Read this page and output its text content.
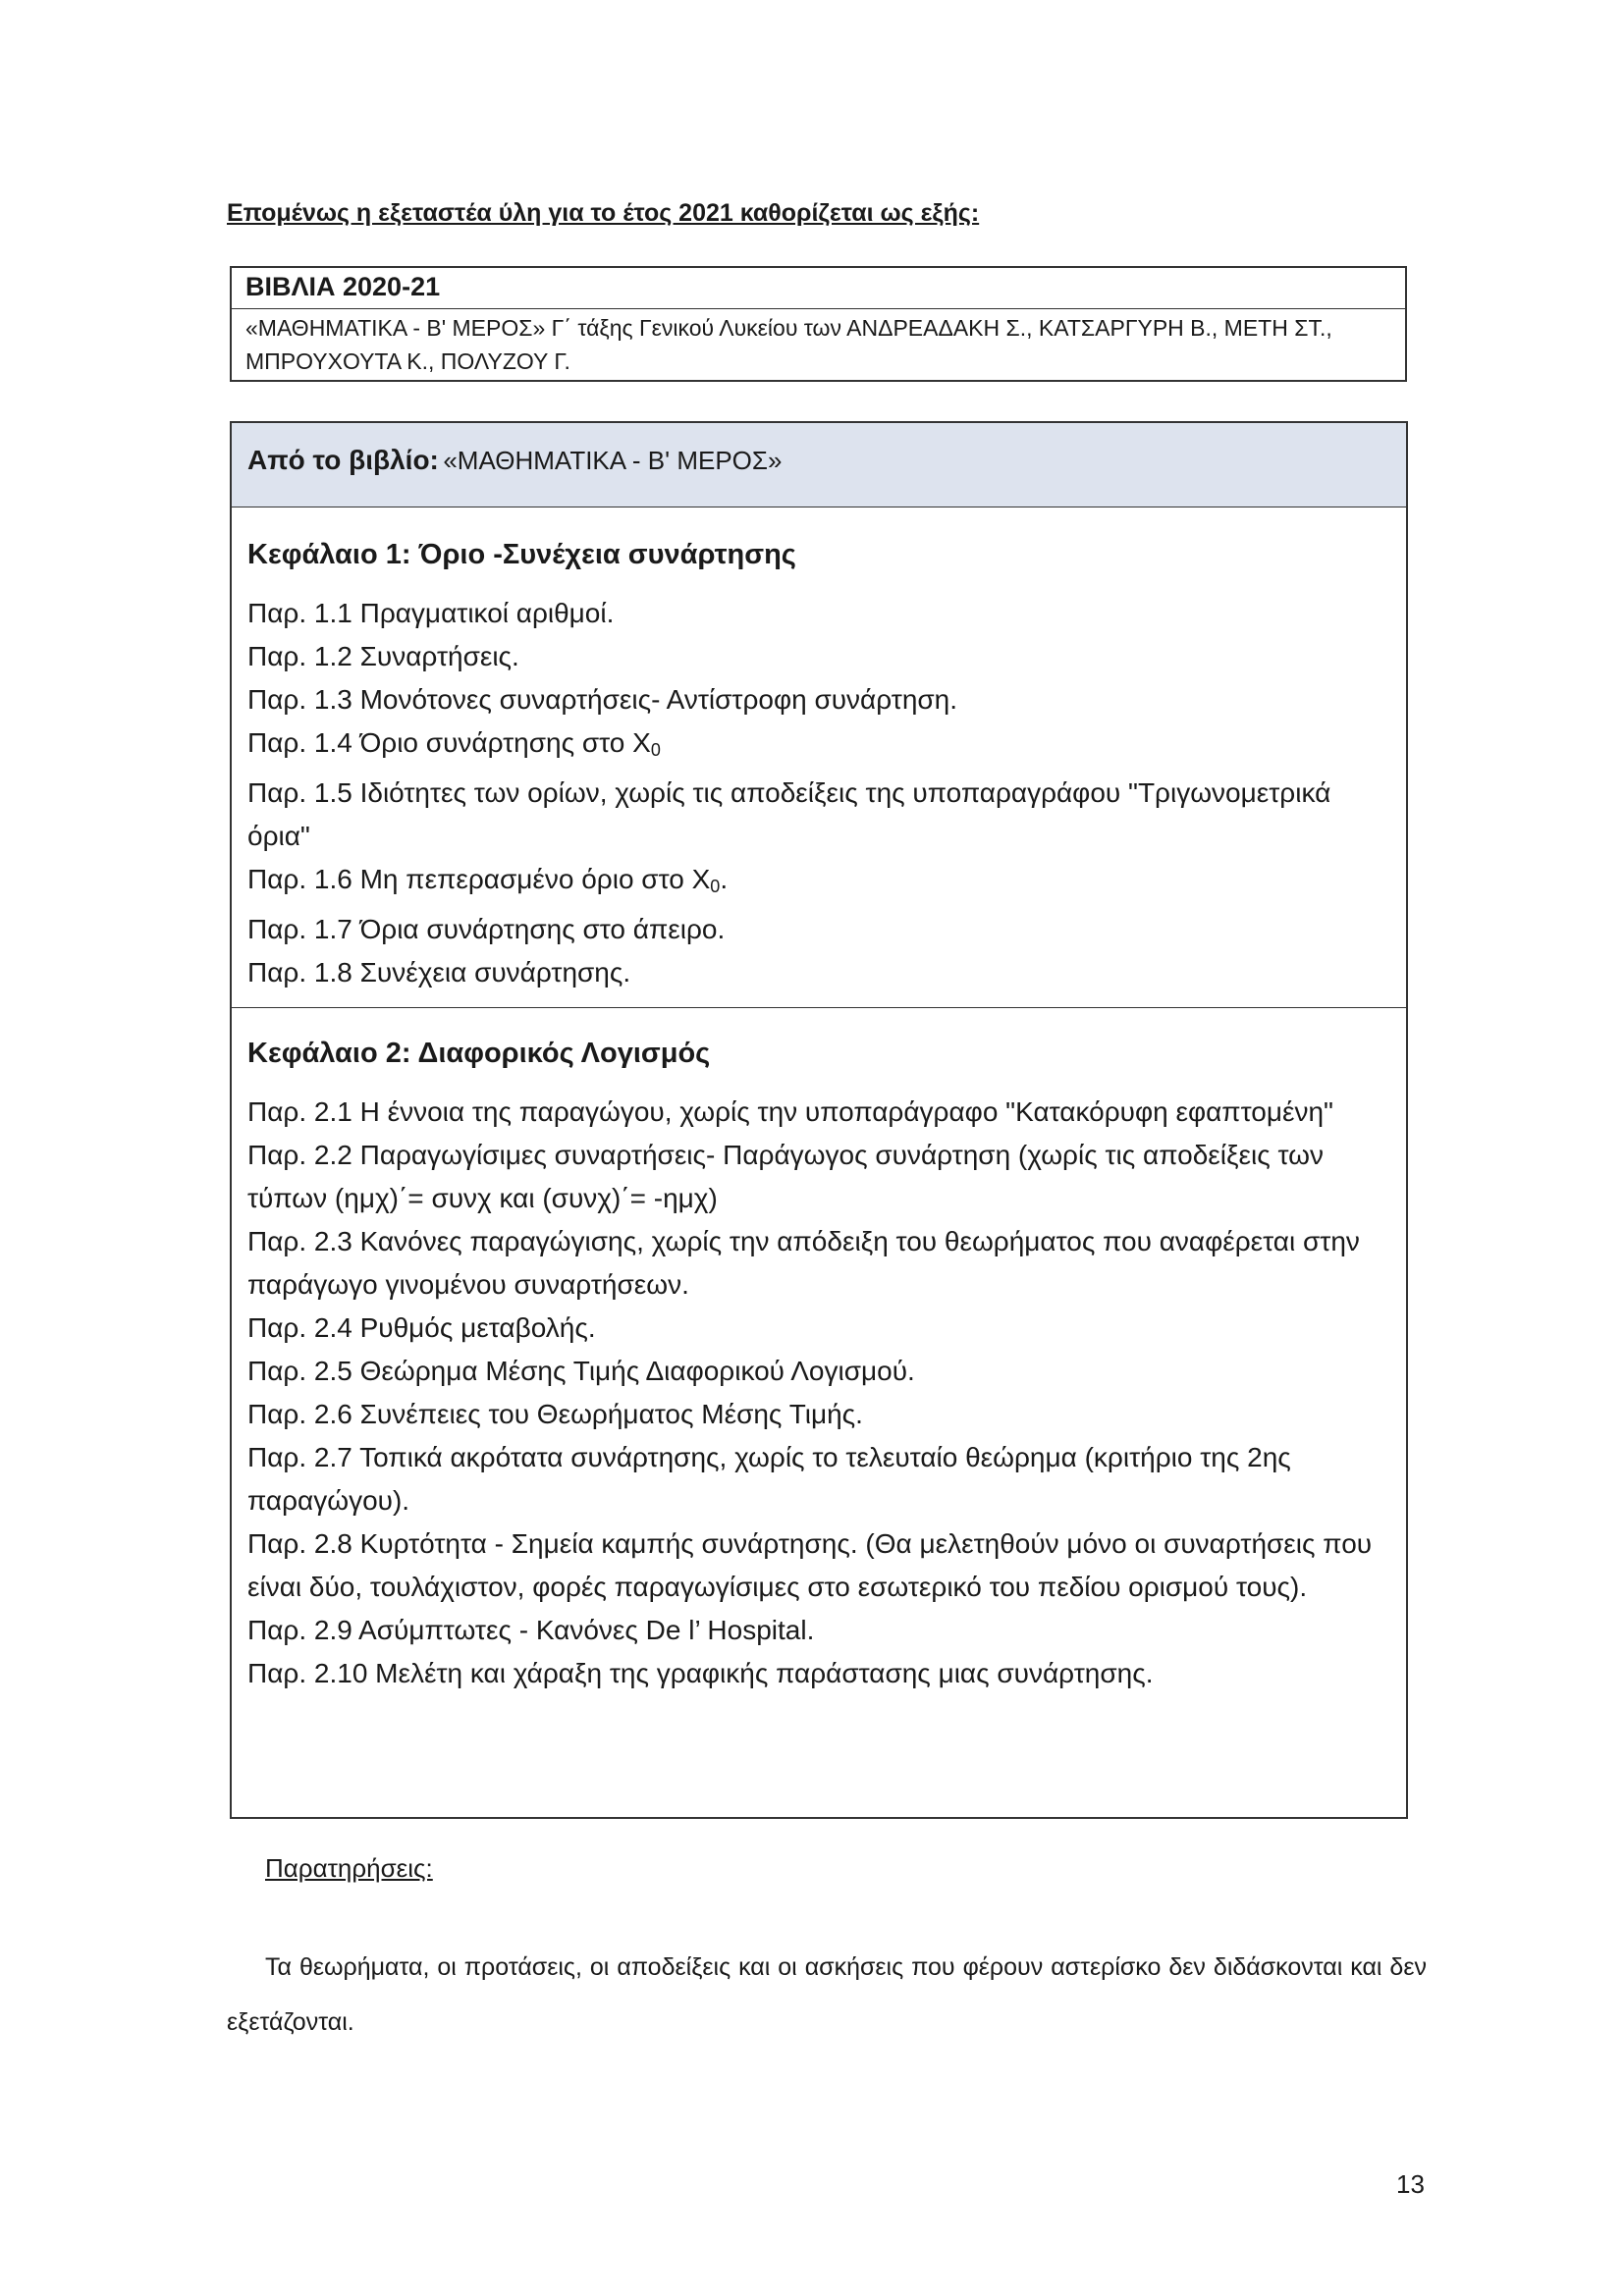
Επομένως η εξεταστέα ύλη για το έτος 2021 καθορίζεται ως εξής:
ΒΙΒΛΙΑ 2020-21
«ΜΑΘΗΜΑΤΙΚΑ - Β' ΜΕΡΟΣ» Γ΄ τάξης Γενικού Λυκείου των ΑΝΔΡΕΑΔΑΚΗ Σ., ΚΑΤΣΑΡΓΥΡΗ Β., ΜΕΤΗ ΣΤ., ΜΠΡΟΥΧΟΥΤΑ Κ., ΠΟΛΥΖΟΥ Γ.
Από το βιβλίο: «ΜΑΘΗΜΑΤΙΚΑ - Β' ΜΕΡΟΣ»
Κεφάλαιο 1: Όριο -Συνέχεια συνάρτησης
Παρ. 1.1 Πραγματικοί αριθμοί.
Παρ. 1.2 Συναρτήσεις.
Παρ. 1.3 Μονότονες συναρτήσεις- Αντίστροφη συνάρτηση.
Παρ. 1.4 Όριο συνάρτησης στο $X_0$
Παρ. 1.5 Ιδιότητες των ορίων, χωρίς τις αποδείξεις της υποπαραγράφου "Τριγωνομετρικά όρια"
Παρ. 1.6 Μη πεπερασμένο όριο στο $X_0$.
Παρ. 1.7 Όρια συνάρτησης στο άπειρο.
Παρ. 1.8 Συνέχεια συνάρτησης.
Κεφάλαιο 2: Διαφορικός Λογισμός
Παρ. 2.1 Η έννοια της παραγώγου, χωρίς την υποπαράγραφο "Κατακόρυφη εφαπτομένη"
Παρ. 2.2 Παραγωγίσιμες συναρτήσεις- Παράγωγος συνάρτηση (χωρίς τις αποδείξεις των τύπων (ημχ)΄= συνχ και (συνχ)΄= -ημχ)
Παρ. 2.3 Κανόνες παραγώγισης, χωρίς την απόδειξη του θεωρήματος που αναφέρεται στην παράγωγο γινομένου συναρτήσεων.
Παρ. 2.4 Ρυθμός μεταβολής.
Παρ. 2.5 Θεώρημα Μέσης Τιμής Διαφορικού Λογισμού.
Παρ. 2.6 Συνέπειες του Θεωρήματος Μέσης Τιμής.
Παρ. 2.7 Τοπικά ακρότατα συνάρτησης, χωρίς το τελευταίο θεώρημα (κριτήριο της 2ης παραγώγου).
Παρ. 2.8 Κυρτότητα - Σημεία καμπής συνάρτησης. (Θα μελετηθούν μόνο οι συναρτήσεις που είναι δύο, τουλάχιστον, φορές παραγωγίσιμες στο εσωτερικό του πεδίου ορισμού τους).
Παρ. 2.9 Ασύμπτωτες - Κανόνες De l’ Hospital.
Παρ. 2.10 Μελέτη και χάραξη της γραφικής παράστασης μιας συνάρτησης.
Παρατηρήσεις:
Τα θεωρήματα, οι προτάσεις, οι αποδείξεις και οι ασκήσεις που φέρουν αστερίσκο δεν διδάσκονται και δεν εξετάζονται.
13
